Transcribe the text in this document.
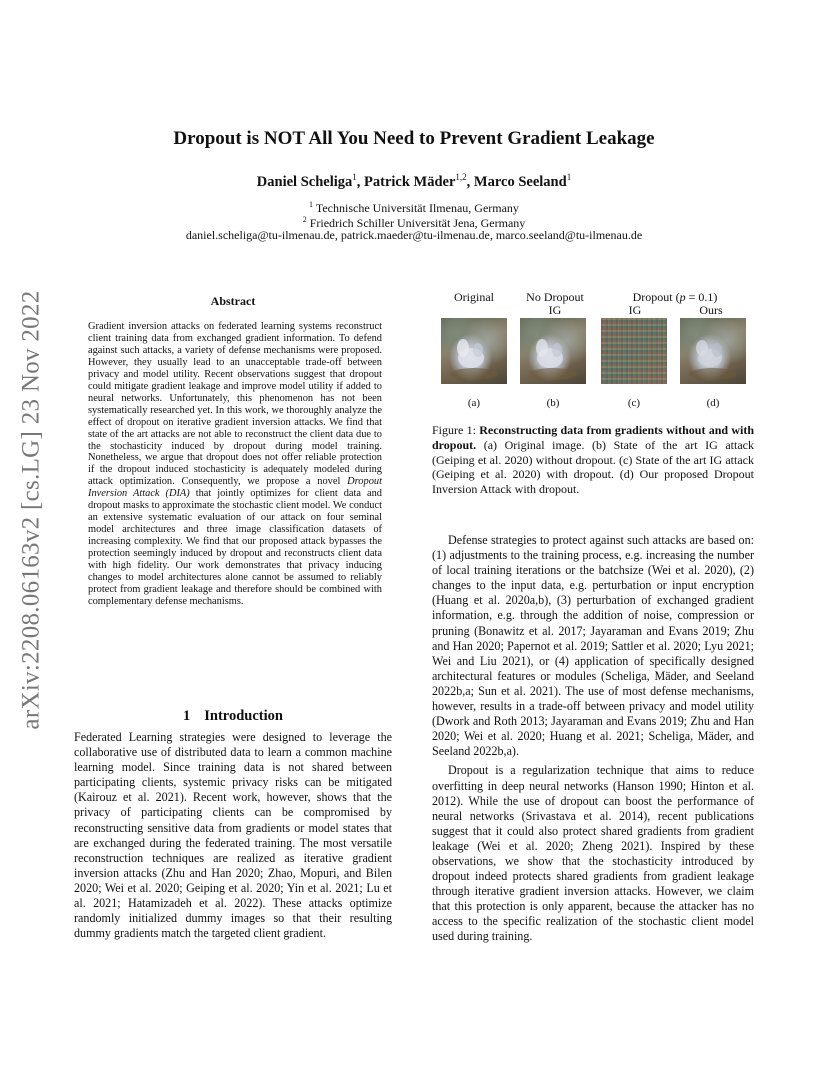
arXiv:2208.06163v2 [cs.LG] 23 Nov 2022
Dropout is NOT All You Need to Prevent Gradient Leakage
Daniel Scheliga$^1$, Patrick Mäder$^{1,2}$, Marco Seeland$^1$
$^1$ Technische Universität Ilmenau, Germany
$^2$ Friedrich Schiller Universität Jena, Germany
daniel.scheliga@tu-ilmenau.de, patrick.maeder@tu-ilmenau.de, marco.seeland@tu-ilmenau.de
Abstract
Gradient inversion attacks on federated learning systems reconstruct client training data from exchanged gradient information. To defend against such attacks, a variety of defense mechanisms were proposed. However, they usually lead to an unacceptable trade-off between privacy and model utility. Recent observations suggest that dropout could mitigate gradient leakage and improve model utility if added to neural networks. Unfortunately, this phenomenon has not been systematically researched yet. In this work, we thoroughly analyze the effect of dropout on iterative gradient inversion attacks. We find that state of the art attacks are not able to reconstruct the client data due to the stochasticity induced by dropout during model training. Nonetheless, we argue that dropout does not offer reliable protection if the dropout induced stochasticity is adequately modeled during attack optimization. Consequently, we propose a novel Dropout Inversion Attack (DIA) that jointly optimizes for client data and dropout masks to approximate the stochastic client model. We conduct an extensive systematic evaluation of our attack on four seminal model architectures and three image classification datasets of increasing complexity. We find that our proposed attack bypasses the protection seemingly induced by dropout and reconstructs client data with high fidelity. Our work demonstrates that privacy inducing changes to model architectures alone cannot be assumed to reliably protect from gradient leakage and therefore should be combined with complementary defense mechanisms.
1 Introduction

Federated Learning strategies were designed to leverage the collaborative use of distributed data to learn a common machine learning model. Since training data is not shared between participating clients, systemic privacy risks can be mitigated (Kairouz et al. 2021). Recent work, however, shows that the privacy of participating clients can be compromised by reconstructing sensitive data from gradients or model states that are exchanged during the federated training. The most versatile reconstruction techniques are realized as iterative gradient inversion attacks (Zhu and Han 2020; Zhao, Mopuri, and Bilen 2020; Wei et al. 2020; Geiping et al. 2020; Yin et al. 2021; Lu et al. 2021; Hatamizadeh et al. 2022). These attacks optimize randomly initialized dummy images so that their resulting dummy gradients match the targeted client gradient.

Original	No Dropout
IG
Dropout (p = 0.1)
IG	Ours
(a)	(b)	(c)	(d)
Figure 1: Reconstructing data from gradients without and with dropout. (a) Original image. (b) State of the art IG attack (Geiping et al. 2020) without dropout. (c) State of the art IG attack (Geiping et al. 2020) with dropout. (d) Our proposed Dropout Inversion Attack with dropout.

Defense strategies to protect against such attacks are based on: (1) adjustments to the training process, e.g. increasing the number of local training iterations or the batchsize (Wei et al. 2020), (2) changes to the input data, e.g. perturbation or input encryption (Huang et al. 2020a,b), (3) perturbation of exchanged gradient information, e.g. through the addition of noise, compression or pruning (Bonawitz et al. 2017; Jayaraman and Evans 2019; Zhu and Han 2020; Papernot et al. 2019; Sattler et al. 2020; Lyu 2021; Wei and Liu 2021), or (4) application of specifically designed architectural features or modules (Scheliga, Mäder, and Seeland 2022b,a; Sun et al. 2021). The use of most defense mechanisms, however, results in a trade-off between privacy and model utility (Dwork and Roth 2013; Jayaraman and Evans 2019; Zhu and Han 2020; Wei et al. 2020; Huang et al. 2021; Scheliga, Mäder, and Seeland 2022b,a).

Dropout is a regularization technique that aims to reduce overfitting in deep neural networks (Hanson 1990; Hinton et al. 2012). While the use of dropout can boost the performance of neural networks (Srivastava et al. 2014), recent publications suggest that it could also protect shared gradients from gradient leakage (Wei et al. 2020; Zheng 2021). Inspired by these observations, we show that the stochasticity introduced by dropout indeed protects shared gradients from gradient leakage through iterative gradient inversion attacks. However, we claim that this protection is only apparent, because the attacker has no access to the specific realization of the stochastic client model used during training.
